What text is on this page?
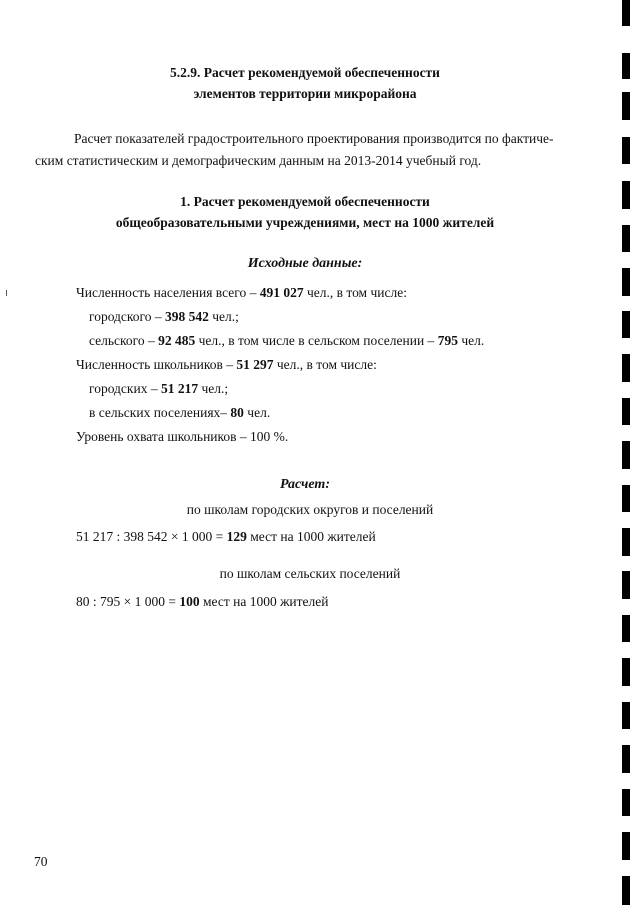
5.2.9. Расчет рекомендуемой обеспеченности
элементов территории микрорайона
Расчет показателей градостроительного проектирования производится по фактиче-
ским статистическим и демографическим данным на 2013-2014 учебный год.
1. Расчет рекомендуемой обеспеченности
общеобразовательными учреждениями, мест на 1000 жителей
Исходные данные:
Численность населения всего – 491 027 чел., в том числе:
городского – 398 542 чел.;
сельского – 92 485 чел., в том числе в сельском поселении – 795 чел.
Численность школьников – 51 297 чел., в том числе:
городских – 51 217 чел.;
в сельских поселениях– 80 чел.
Уровень охвата школьников – 100 %.
Расчет:
по школам городских округов и поселений
51 217 : 398 542 × 1 000 = 129 мест на 1000 жителей
по школам сельских поселений
80 : 795 × 1 000 = 100 мест на 1000 жителей
70
